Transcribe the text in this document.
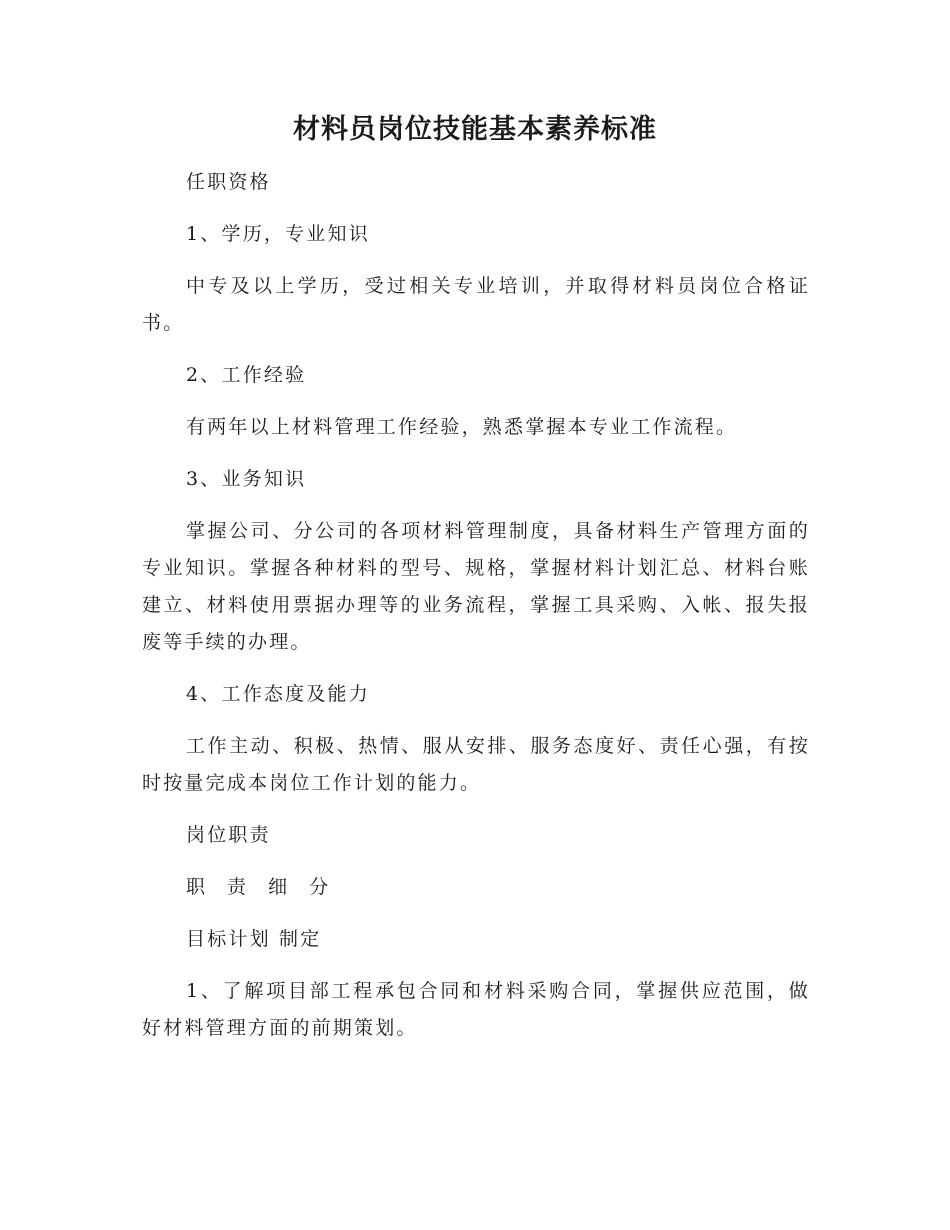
材料员岗位技能基本素养标准

任职资格

1、学历，专业知识

中专及以上学历，受过相关专业培训，并取得材料员岗位合格证书。

2、工作经验

有两年以上材料管理工作经验，熟悉掌握本专业工作流程。

3、业务知识

掌握公司、分公司的各项材料管理制度，具备材料生产管理方面的专业知识。掌握各种材料的型号、规格，掌握材料计划汇总、材料台账建立、材料使用票据办理等的业务流程，掌握工具采购、入帐、报失报废等手续的办理。

4、工作态度及能力

工作主动、积极、热情、服从安排、服务态度好、责任心强，有按时按量完成本岗位工作计划的能力。

岗位职责

职 责 细 分

目标计划 制定

1、了解项目部工程承包合同和材料采购合同，掌握供应范围，做好材料管理方面的前期策划。
